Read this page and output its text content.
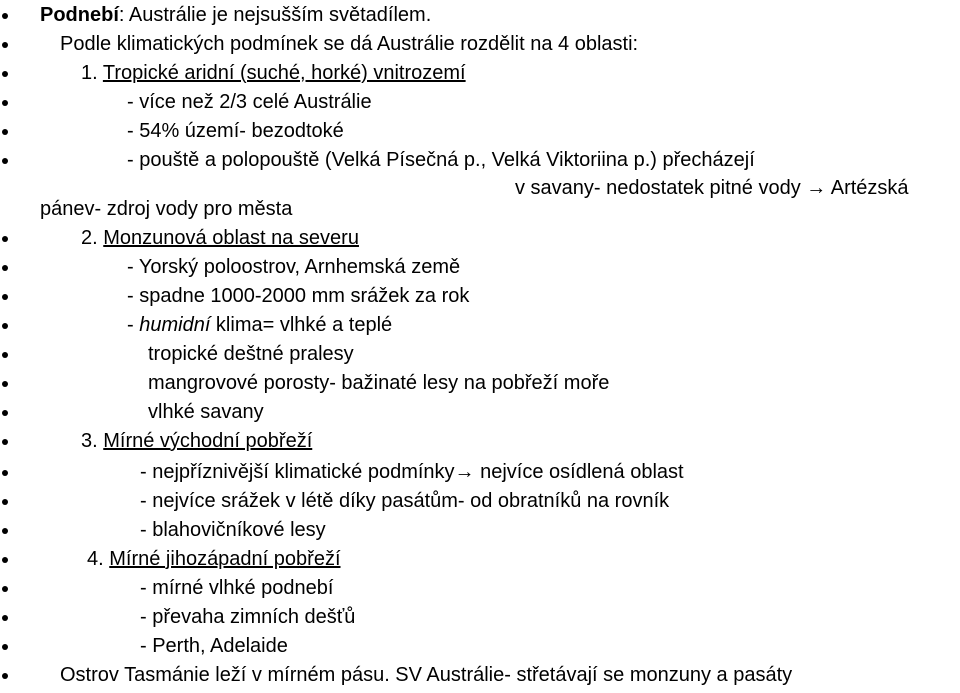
Podnebí: Austrálie je nejsušším světadílem.
Podle klimatických podmínek se dá Austrálie rozdělit na 4 oblasti:
1. Tropické aridní (suché, horké) vnitrozemí
- více než 2/3 celé Austrálie
- 54% území- bezodtoké
- pouště a polopouště (Velká Písečná p., Velká Viktoriina p.) přecházejí
v savany- nedostatek pitné vody → Artézská
pánev- zdroj vody pro města
2. Monzunová oblast na severu
- Yorský poloostrov, Arnhemská země
- spadne 1000-2000 mm srážek za rok
- humidní klima= vlhké a teplé
tropické deštné pralesy
mangrovové porosty- bažinaté lesy na pobřeží moře
vlhké savany
3. Mírné východní pobřeží
- nejpříznivější klimatické podmínky→ nejvíce osídlená oblast
- nejvíce srážek v létě díky pasátům- od obratníků na rovník
- blahovičníkové lesy
4. Mírné jihozápadní pobřeží
- mírné vlhké podnebí
- převaha zimních dešťů
- Perth, Adelaide
Ostrov Tasmánie leží v mírném pásu. SV Austrálie- střetávají se monzuny a pasáty
